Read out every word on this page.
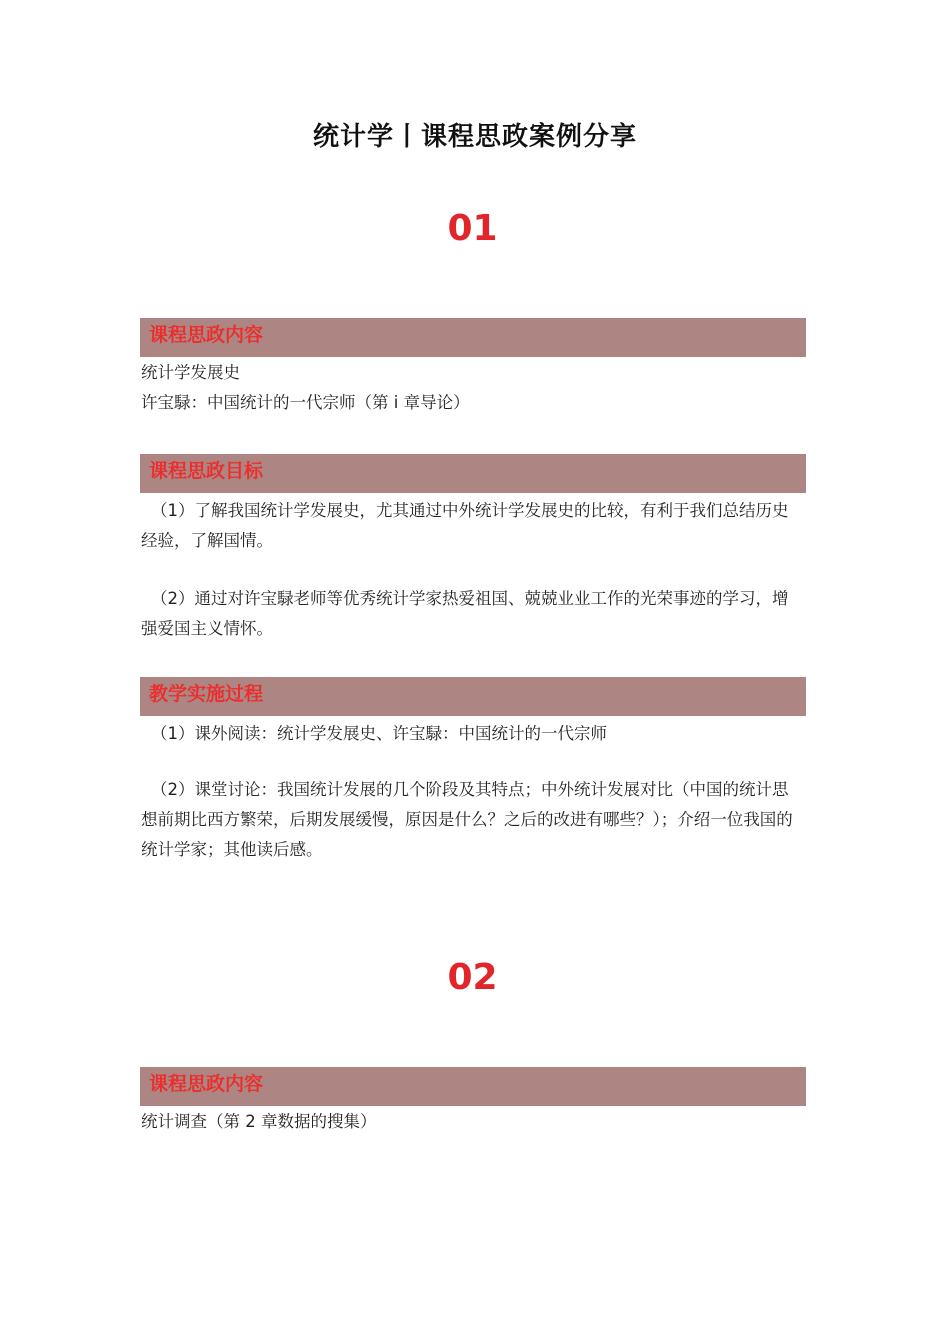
统计学丨课程思政案例分享
01
课程思政内容

统计学发展史

许宝騄：中国统计的一代宗师（第 i 章导论）

课程思政目标

（1）了解我国统计学发展史，尤其通过中外统计学发展史的比较，有利于我们总结历史经验，了解国情。

（2）通过对许宝騄老师等优秀统计学家热爱祖国、兢兢业业工作的光荣事迹的学习，增强爱国主义情怀。

教学实施过程

（1）课外阅读：统计学发展史、许宝騄：中国统计的一代宗师

（2）课堂讨论：我国统计发展的几个阶段及其特点；中外统计发展对比（中国的统计思想前期比西方繁荣，后期发展缓慢，原因是什么？之后的改进有哪些？）；介绍一位我国的统计学家；其他读后感。

02
课程思政内容

统计调查（第 2 章数据的搜集）
